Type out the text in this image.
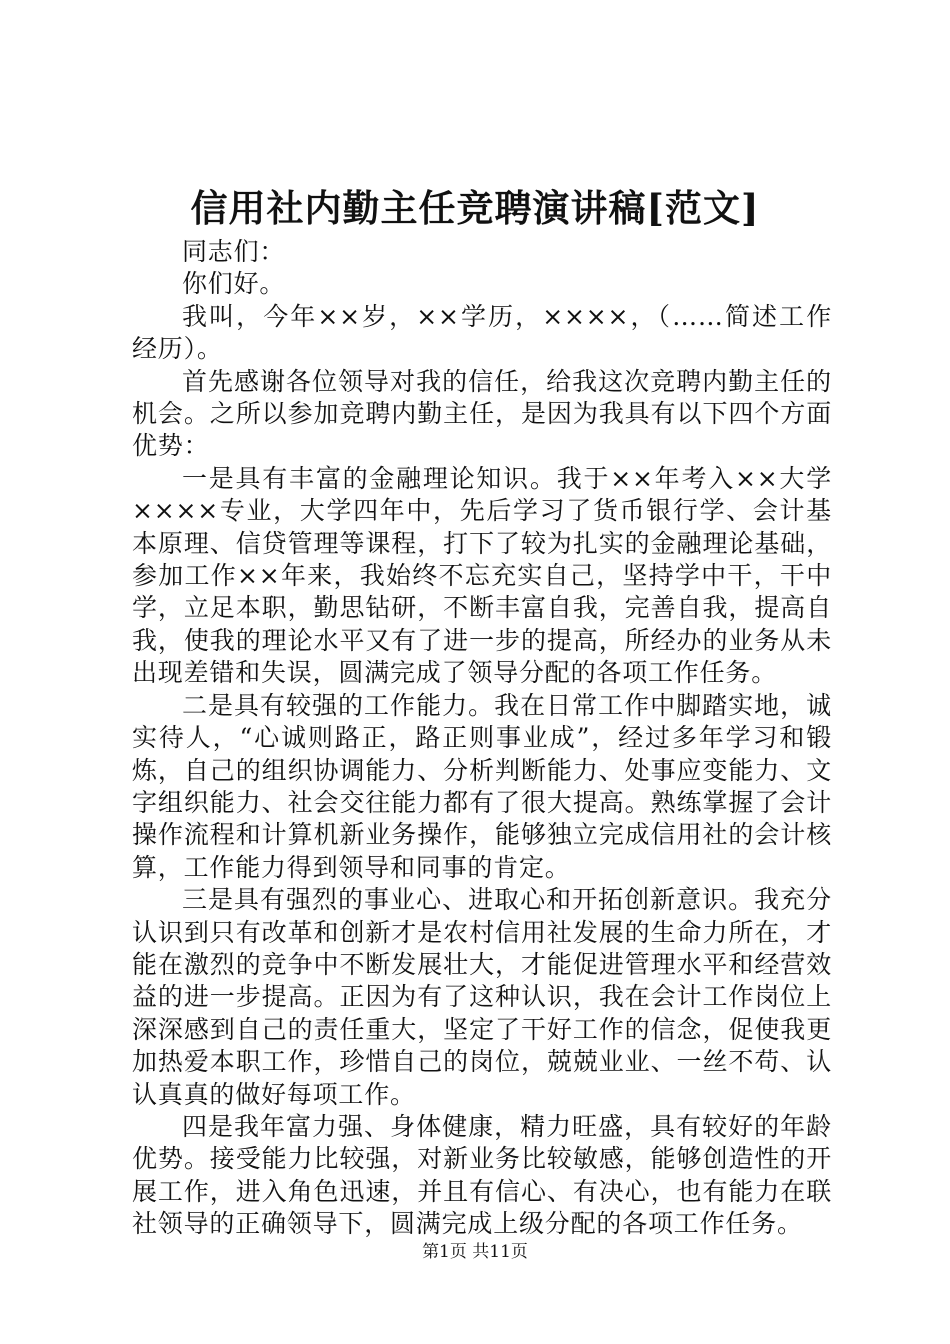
信用社内勤主任竞聘演讲稿[范文]

同志们：

你们好。

我叫，今年××岁，××学历，××××，（……简述工作经历）。

首先感谢各位领导对我的信任，给我这次竞聘内勤主任的机会。之所以参加竞聘内勤主任，是因为我具有以下四个方面优势：

一是具有丰富的金融理论知识。我于××年考入××大学××××专业，大学四年中，先后学习了货币银行学、会计基本原理、信贷管理等课程，打下了较为扎实的金融理论基础，参加工作××年来，我始终不忘充实自己，坚持学中干，干中学，立足本职，勤思钻研，不断丰富自我，完善自我，提高自我，使我的理论水平又有了进一步的提高，所经办的业务从未出现差错和失误，圆满完成了领导分配的各项工作任务。

二是具有较强的工作能力。我在日常工作中脚踏实地，诚实待人，“心诚则路正，路正则事业成”，经过多年学习和锻炼，自己的组织协调能力、分析判断能力、处事应变能力、文字组织能力、社会交往能力都有了很大提高。熟练掌握了会计操作流程和计算机新业务操作，能够独立完成信用社的会计核算，工作能力得到领导和同事的肯定。

三是具有强烈的事业心、进取心和开拓创新意识。我充分认识到只有改革和创新才是农村信用社发展的生命力所在，才能在激烈的竞争中不断发展壮大，才能促进管理水平和经营效益的进一步提高。正因为有了这种认识，我在会计工作岗位上深深感到自己的责任重大，坚定了干好工作的信念，促使我更加热爱本职工作，珍惜自己的岗位，兢兢业业、一丝不苟、认认真真的做好每项工作。

四是我年富力强、身体健康，精力旺盛，具有较好的年龄优势。接受能力比较强，对新业务比较敏感，能够创造性的开展工作，进入角色迅速，并且有信心、有决心，也有能力在联社领导的正确领导下，圆满完成上级分配的各项工作任务。

第1页 共11页
